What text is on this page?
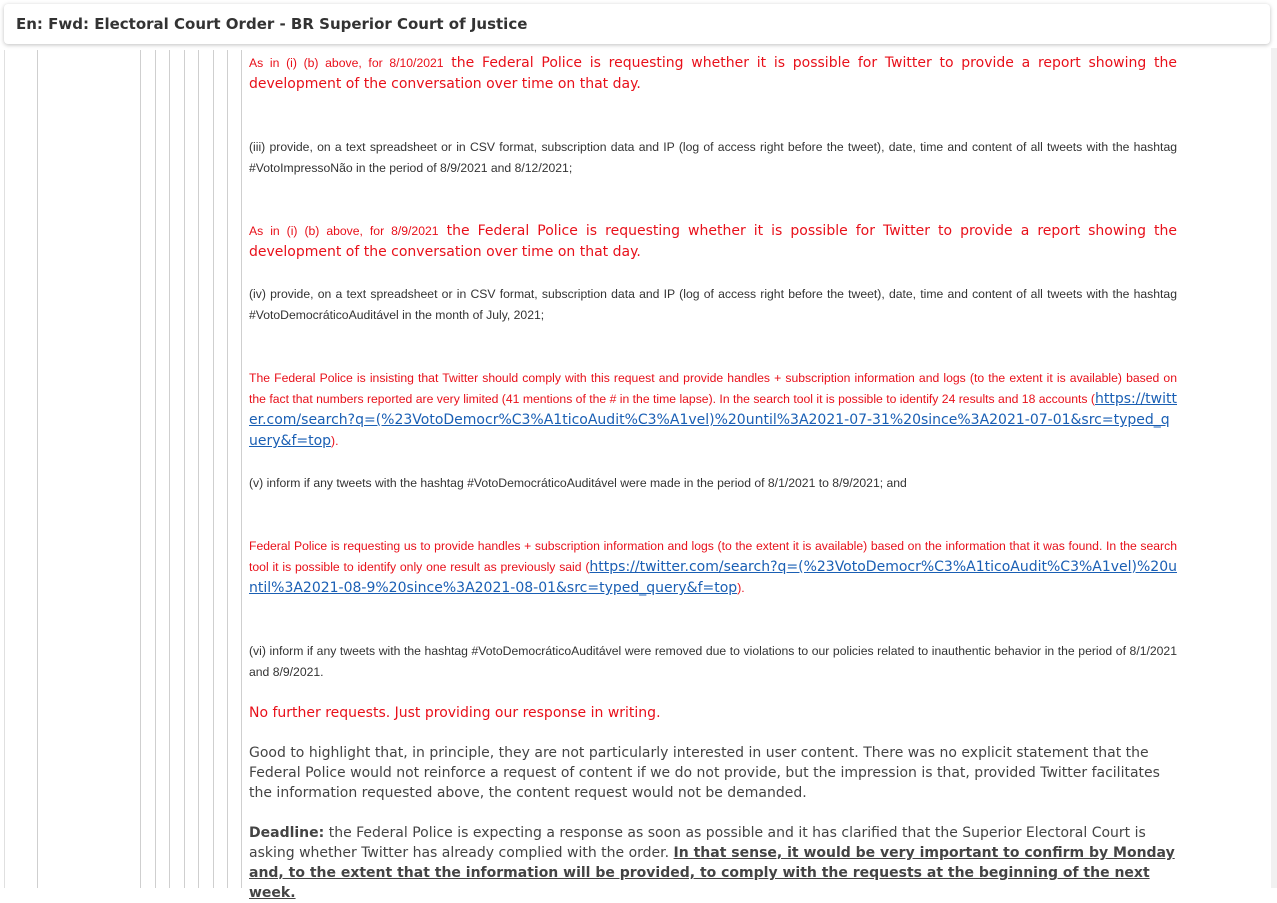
En: Fwd: Electoral Court Order - BR Superior Court of Justice
As in (i) (b) above, for 8/10/2021 the Federal Police is requesting whether it is possible for Twitter to provide a report showing the development of the conversation over time on that day.
(iii) provide, on a text spreadsheet or in CSV format, subscription data and IP (log of access right before the tweet), date, time and content of all tweets with the hashtag #VotoImpressoNão in the period of 8/9/2021 and 8/12/2021;
As in (i) (b) above, for 8/9/2021 the Federal Police is requesting whether it is possible for Twitter to provide a report showing the development of the conversation over time on that day.
(iv) provide, on a text spreadsheet or in CSV format, subscription data and IP (log of access right before the tweet), date, time and content of all tweets with the hashtag #VotoDemocráticoAuditável in the month of July, 2021;
The Federal Police is insisting that Twitter should comply with this request and provide handles + subscription information and logs (to the extent it is available) based on the fact that numbers reported are very limited (41 mentions of the # in the time lapse). In the search tool it is possible to identify 24 results and 18 accounts (https://twitter.com/search?q=(%23VotoDemocr%C3%A1ticoAudit%C3%A1vel)%20until%3A2021-07-31%20since%3A2021-07-01&src=typed_query&f=top).
(v) inform if any tweets with the hashtag #VotoDemocráticoAuditável were made in the period of 8/1/2021 to 8/9/2021; and
Federal Police is requesting us to provide handles + subscription information and logs (to the extent it is available) based on the information that it was found. In the search tool it is possible to identify only one result as previously said (https://twitter.com/search?q=(%23VotoDemocr%C3%A1ticoAudit%C3%A1vel)%20until%3A2021-08-9%20since%3A2021-08-01&src=typed_query&f=top).
(vi) inform if any tweets with the hashtag #VotoDemocráticoAuditável were removed due to violations to our policies related to inauthentic behavior in the period of 8/1/2021 and 8/9/2021.
No further requests. Just providing our response in writing.
Good to highlight that, in principle, they are not particularly interested in user content. There was no explicit statement that the Federal Police would not reinforce a request of content if we do not provide, but the impression is that, provided Twitter facilitates the information requested above, the content request would not be demanded.
Deadline: the Federal Police is expecting a response as soon as possible and it has clarified that the Superior Electoral Court is asking whether Twitter has already complied with the order. In that sense, it would be very important to confirm by Monday and, to the extent that the information will be provided, to comply with the requests at the beginning of the next week.
